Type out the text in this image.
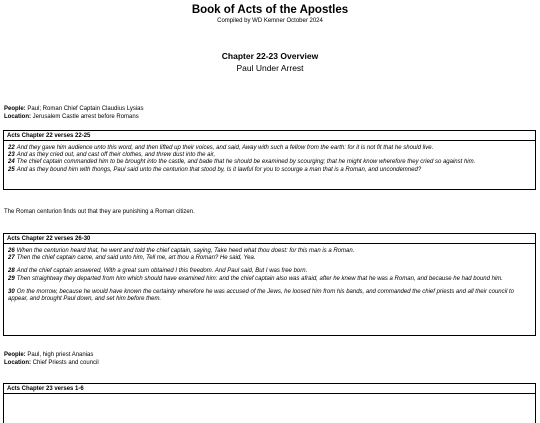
Book of Acts of the Apostles
Compiled by WD Kemner October 2024
Chapter 22-23 Overview
Paul Under Arrest
People: Paul; Roman Chief Captain Claudius Lysias
Location: Jerusalem Castle arrest before Romans
Acts Chapter 22 verses 22-25
22 And they gave him audience unto this word, and then lifted up their voices, and said, Away with such a fellow from the earth: for it is not fit that he should live.
23 And as they cried out, and cast off their clothes, and threw dust into the air,
24 The chief captain commanded him to be brought into the castle, and bade that he should be examined by scourging; that he might know wherefore they cried so against him.
25 And as they bound him with thongs, Paul said unto the centurion that stood by, Is it lawful for you to scourge a man that is a Roman, and uncondemned?
The Roman centurion finds out that they are punishing a Roman citizen.
Acts Chapter 22 verses 26-30
26 When the centurion heard that, he went and told the chief captain, saying, Take heed what thou doest: for this man is a Roman.
27 Then the chief captain came, and said unto him, Tell me, art thou a Roman? He said, Yea.
28 And the chief captain answered, With a great sum obtained I this freedom. And Paul said, But I was free born.
29 Then straightway they departed from him which should have examined him: and the chief captain also was afraid, after he knew that he was a Roman, and because he had bound him.
30 On the morrow, because he would have known the certainty wherefore he was accused of the Jews, he loosed him from his bands, and commanded the chief priests and all their council to appear, and brought Paul down, and set him before them.
People: Paul, high priest Ananias
Location: Chief Priests and council
Acts Chapter 23 verses 1-6
